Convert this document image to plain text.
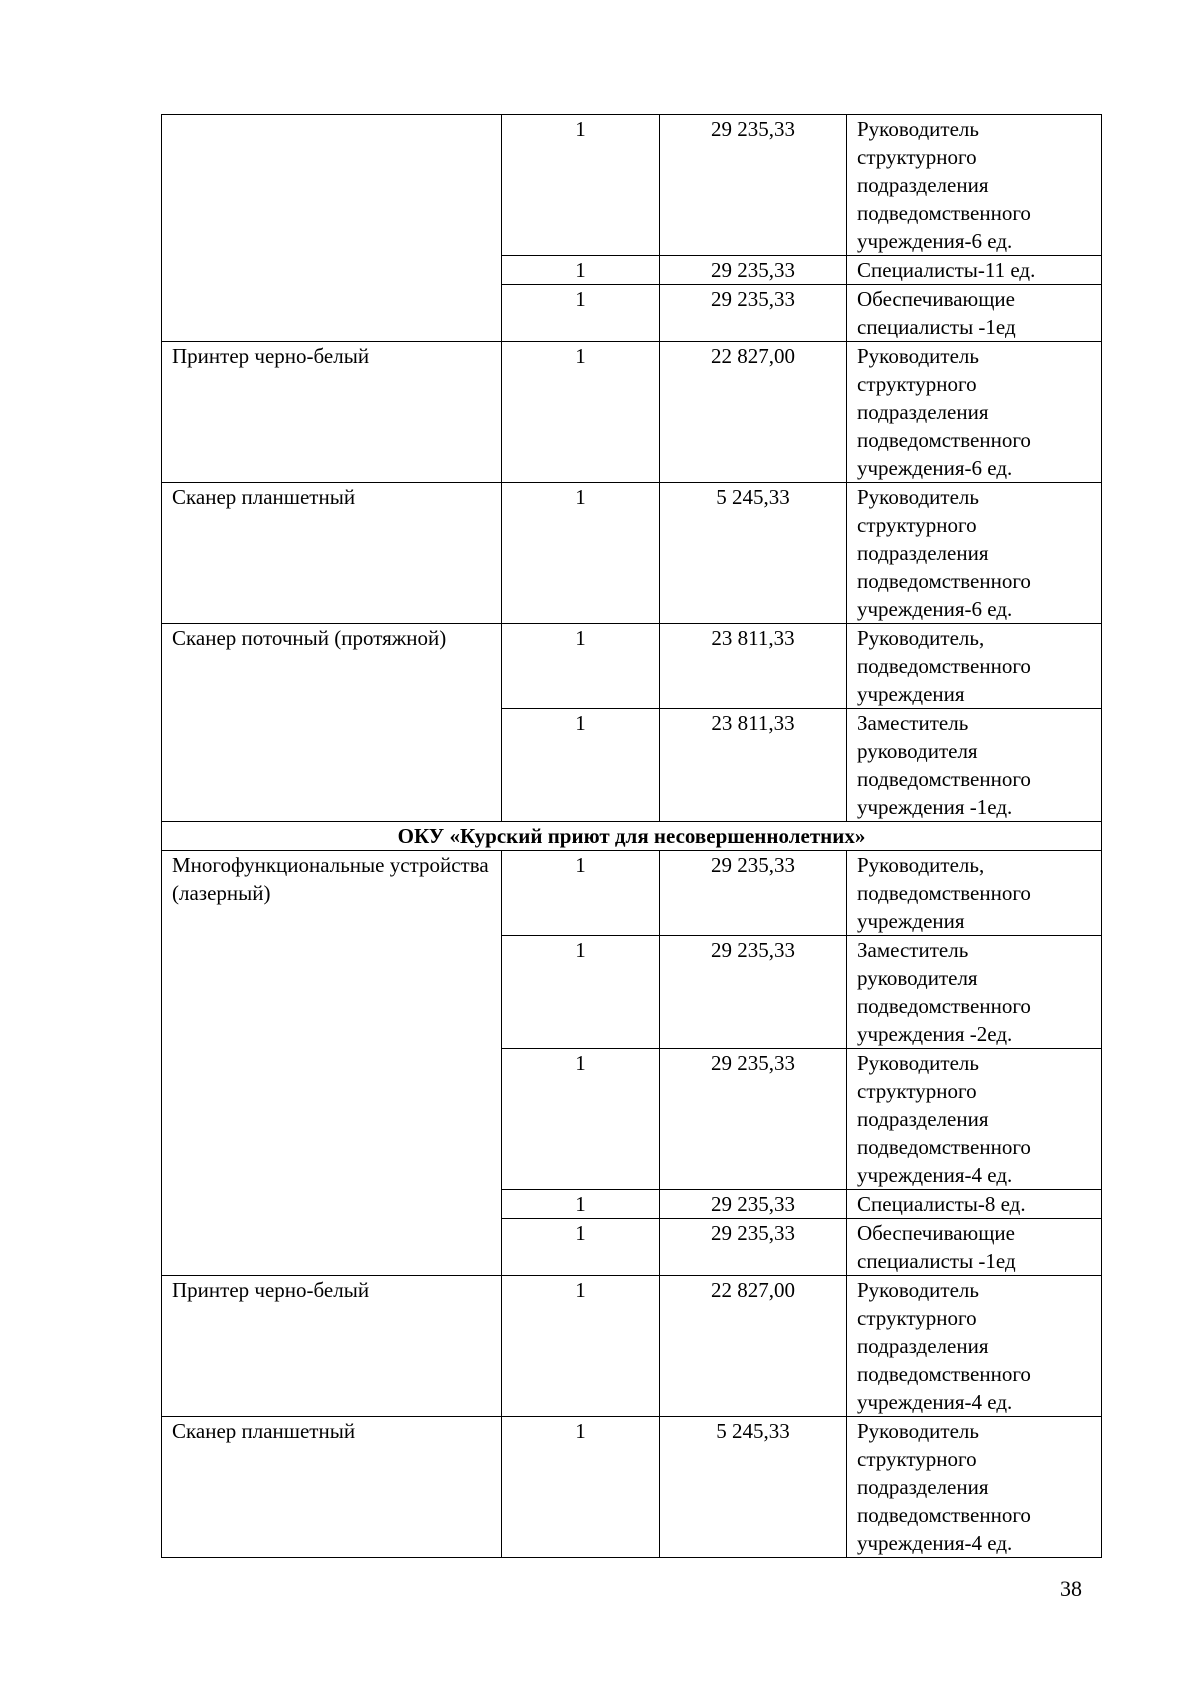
	1	29 235,33	Руководитель структурного подразделения подведомственного учреждения-6 ед.
	1	29 235,33	Специалисты-11 ед.
	1	29 235,33	Обеспечивающие специалисты -1ед
Принтер черно-белый	1	22 827,00	Руководитель структурного подразделения подведомственного учреждения-6 ед.
Сканер планшетный	1	5 245,33	Руководитель структурного подразделения подведомственного учреждения-6 ед.
Сканер поточный (протяжной)	1	23 811,33	Руководитель, подведомственного учреждения
	1	23 811,33	Заместитель руководителя подведомственного учреждения -1ед.
ОКУ «Курский приют для несовершеннолетних»			
Многофункциональные устройства (лазерный)	1	29 235,33	Руководитель, подведомственного учреждения
	1	29 235,33	Заместитель руководителя подведомственного учреждения -2ед.
	1	29 235,33	Руководитель структурного подразделения подведомственного учреждения-4 ед.
	1	29 235,33	Специалисты-8 ед.
	1	29 235,33	Обеспечивающие специалисты -1ед
Принтер черно-белый	1	22 827,00	Руководитель структурного подразделения подведомственного учреждения-4 ед.
Сканер планшетный	1	5 245,33	Руководитель структурного подразделения подведомственного учреждения-4 ед.
38
